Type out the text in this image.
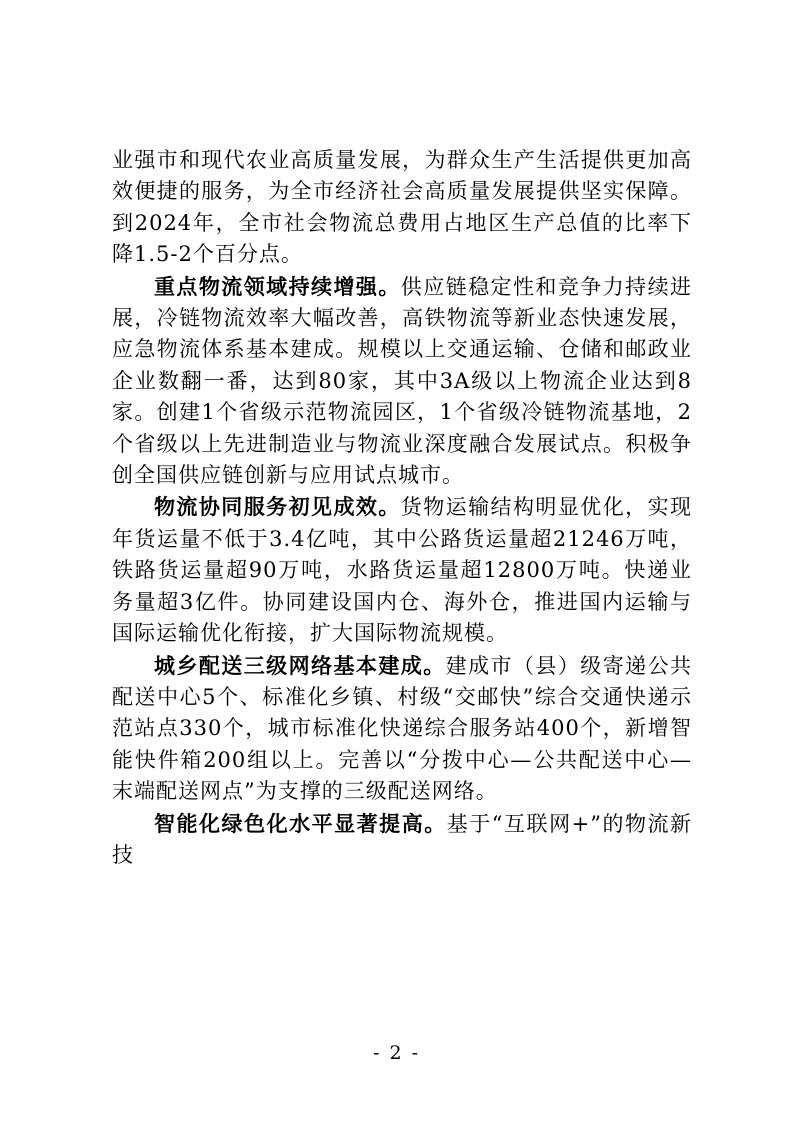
业强市和现代农业高质量发展，为群众生产生活提供更加高效便捷的服务，为全市经济社会高质量发展提供坚实保障。到2024年，全市社会物流总费用占地区生产总值的比率下降1.5-2个百分点。

重点物流领域持续增强。供应链稳定性和竞争力持续进展，冷链物流效率大幅改善，高铁物流等新业态快速发展，应急物流体系基本建成。规模以上交通运输、仓储和邮政业企业数翻一番，达到80家，其中3A级以上物流企业达到8家。创建1个省级示范物流园区，1个省级冷链物流基地，2个省级以上先进制造业与物流业深度融合发展试点。积极争创全国供应链创新与应用试点城市。

物流协同服务初见成效。货物运输结构明显优化，实现年货运量不低于3.4亿吨，其中公路货运量超21246万吨，铁路货运量超90万吨，水路货运量超12800万吨。快递业务量超3亿件。协同建设国内仓、海外仓，推进国内运输与国际运输优化衔接，扩大国际物流规模。

城乡配送三级网络基本建成。建成市（县）级寄递公共配送中心5个、标准化乡镇、村级“交邮快”综合交通快递示范站点330个，城市标准化快递综合服务站400个，新增智能快件箱200组以上。完善以“分拨中心—公共配送中心—末端配送网点”为支撑的三级配送网络。

智能化绿色化水平显著提高。基于“互联网+”的物流新技

- 2 -
